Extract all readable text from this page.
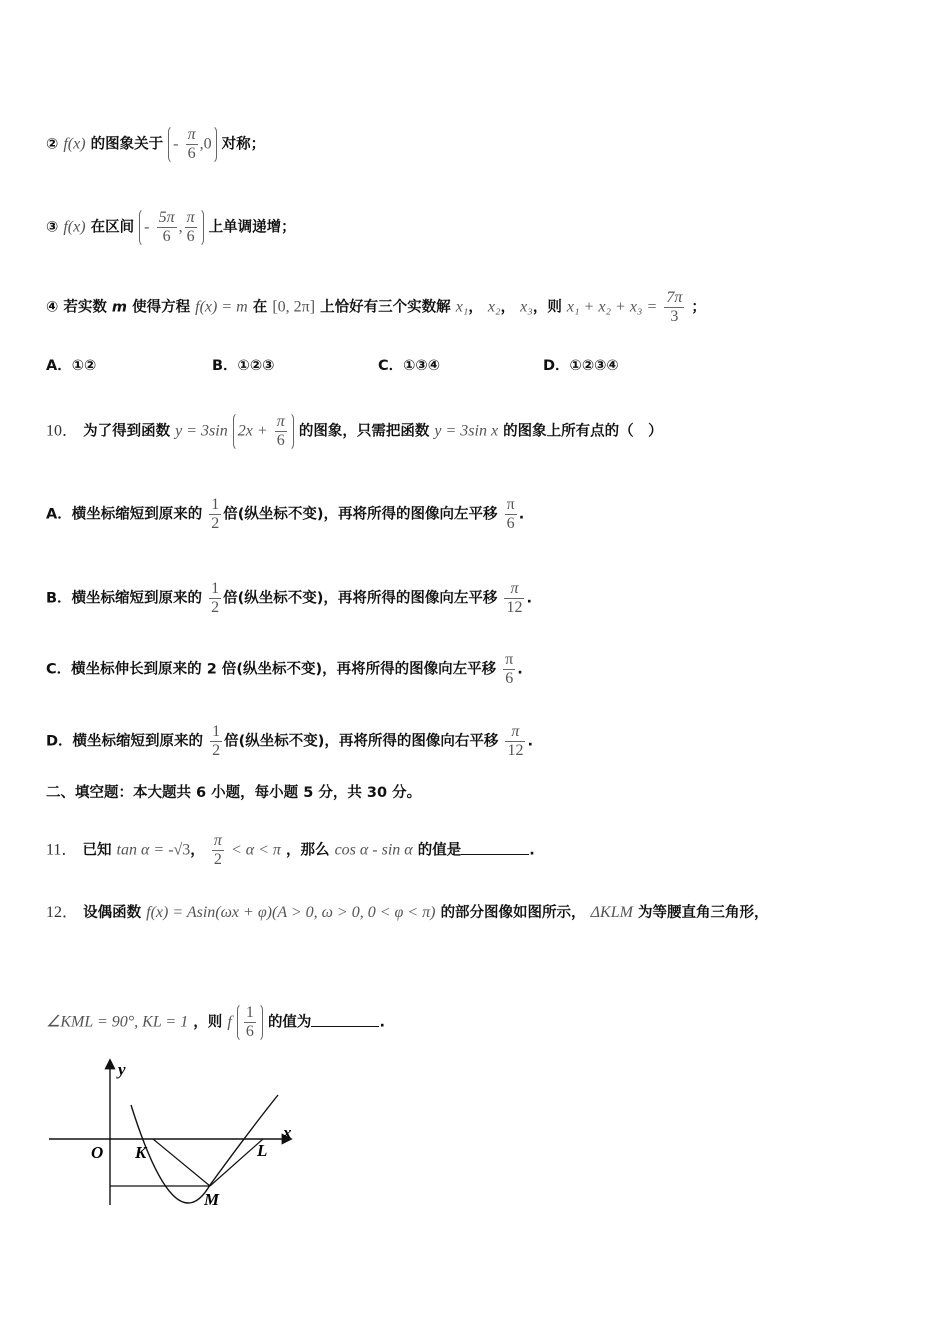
② f(x) 的图象关于 - $\frac{\pi}{6} ,0$ 对称；
③ f(x) 在区间 - $\frac{5\pi}{6}$ , $\frac{\pi}{6}$ 上单调递增；
④ 若实数 m 使得方程 f(x) = m 在 [0, 2π] 上恰好有三个实数解 x₁， x₂， x₃，则 $x_1 + x_2 + x_3 = \frac{7\pi}{3}$ ；
A．①②	B．①②③	C．①③④	D．①②③④
10． 为了得到函数 y = 3sin $2x + \frac{\pi}{6}$ 的图象，只需把函数 y = 3sin x 的图象上所有点的（　）
A．横坐标缩短到原来的 $\frac{1}{2}$ 倍(纵坐标不变)，再将所得的图像向左平移 $\frac{\pi}{6}$ .
B．横坐标缩短到原来的 $\frac{1}{2}$ 倍(纵坐标不变)，再将所得的图像向左平移 $\frac{\pi}{12}$ .
C．横坐标伸长到原来的 2 倍(纵坐标不变)，再将所得的图像向左平移 $\frac{\pi}{6}$ .
D．横坐标缩短到原来的 $\frac{1}{2}$ 倍(纵坐标不变)，再将所得的图像向右平移 $\frac{\pi}{12}$ .
二、填空题：本大题共 6 小题，每小题 5 分，共 30 分。
11． 已知 tan α = -√3， $\frac{\pi}{2} < \alpha < \pi$ ，那么 cos α - sin α 的值是	.
12． 设偶函数 f(x) = Asin(ωx + φ)(A > 0, ω > 0, 0 < φ < π) 的部分图像如图所示， ΔKLM 为等腰直角三角形，
∠KML = 90°, KL = 1 ，则 f $\frac{1}{6}$ 的值为	.
y
x
O K	L
M
